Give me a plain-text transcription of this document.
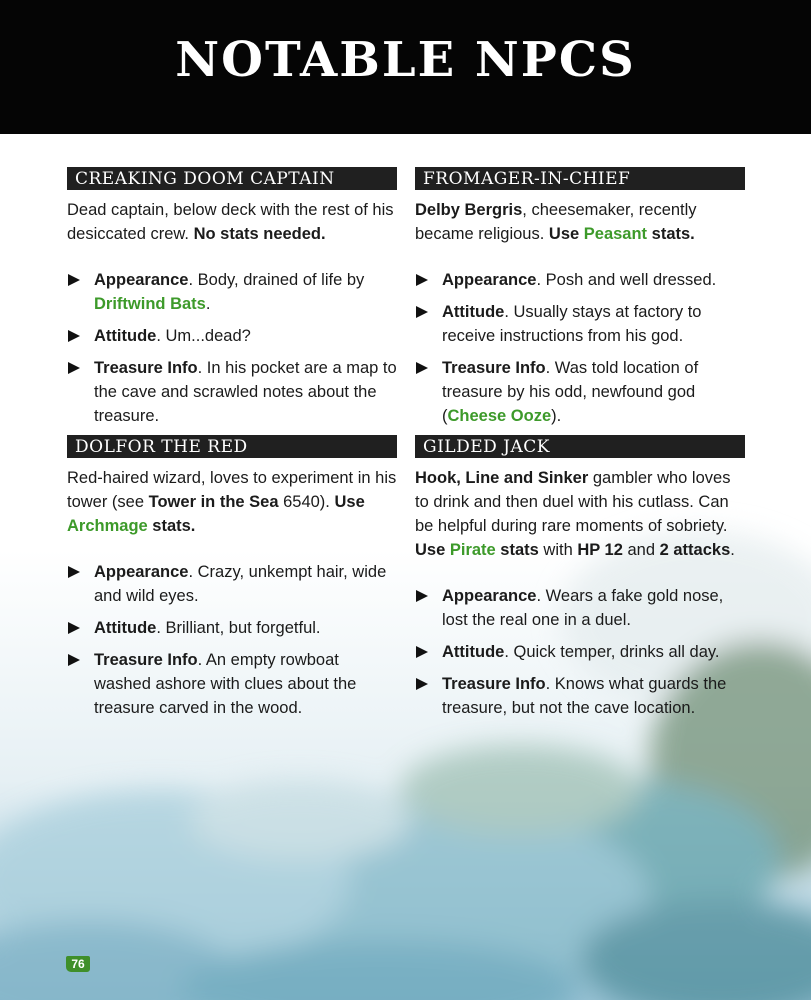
NOTABLE NPCS
CREAKING DOOM CAPTAIN
Dead captain, below deck with the rest of his desiccated crew. No stats needed.
Appearance. Body, drained of life by Driftwind Bats.
Attitude. Um...dead?
Treasure Info. In his pocket are a map to the cave and scrawled notes about the treasure.
DOLFOR THE RED
Red-haired wizard, loves to experiment in his tower (see Tower in the Sea 6540). Use Archmage stats.
Appearance. Crazy, unkempt hair, wide and wild eyes.
Attitude. Brilliant, but forgetful.
Treasure Info. An empty rowboat washed ashore with clues about the treasure carved in the wood.
FROMAGER-IN-CHIEF
Delby Bergris, cheesemaker, recently became religious. Use Peasant stats.
Appearance. Posh and well dressed.
Attitude. Usually stays at factory to receive instructions from his god.
Treasure Info. Was told location of treasure by his odd, newfound god (Cheese Ooze).
GILDED JACK
Hook, Line and Sinker gambler who loves to drink and then duel with his cutlass. Can be helpful during rare moments of sobriety. Use Pirate stats with HP 12 and 2 attacks.
Appearance. Wears a fake gold nose, lost the real one in a duel.
Attitude. Quick temper, drinks all day.
Treasure Info. Knows what guards the treasure, but not the cave location.
76
